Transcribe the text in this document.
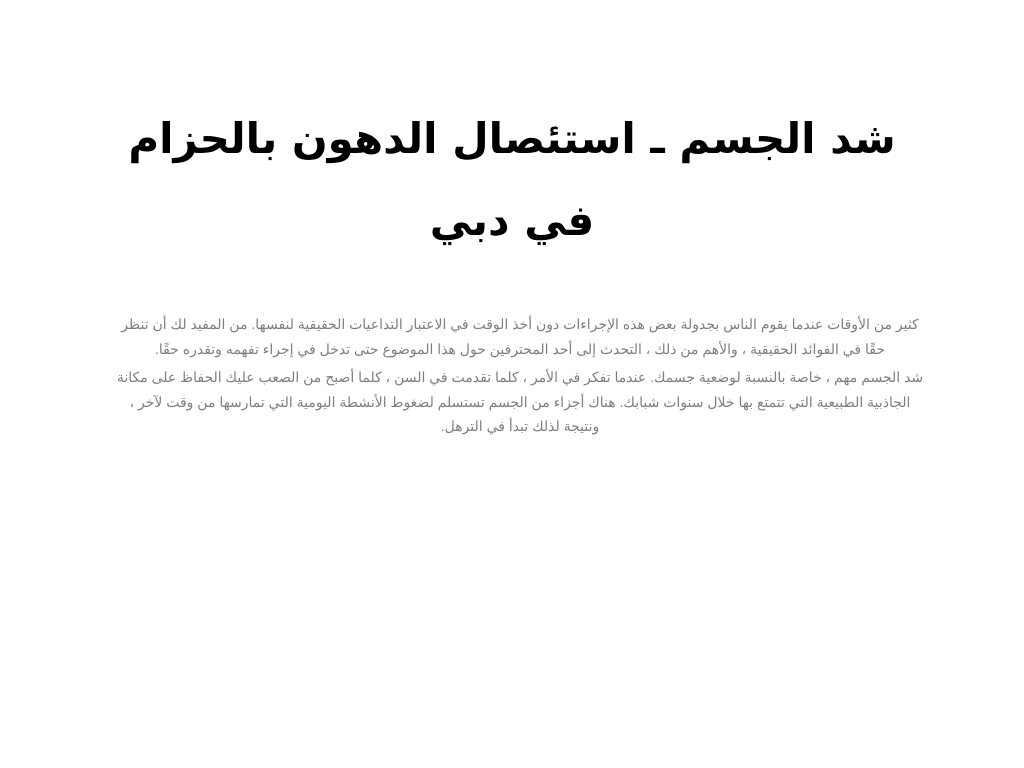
شد الجسم ـ استئصال الدهون بالحزام في دبي

كثير من الأوقات عندما يقوم الناس بجدولة بعض هذه الإجراءات دون أخذ الوقت في الاعتبار التداعيات الحقيقية لنفسها. من المفيد لك أن تنظر حقًا في الفوائد الحقيقية ، والأهم من ذلك ، التحدث إلى أحد المحترفين حول هذا الموضوع حتى تدخل في إجراء تفهمه وتقدره حقًا.

شد الجسم مهم ، خاصة بالنسبة لوضعية جسمك. عندما تفكر في الأمر ، كلما تقدمت في السن ، كلما أصبح من الصعب عليك الحفاظ على مكانة الجاذبية الطبيعية التي تتمتع بها خلال سنوات شبابك. هناك أجزاء من الجسم تستسلم لضغوط الأنشطة اليومية التي تمارسها من وقت لآخر ، ونتيجة لذلك تبدأ في الترهل.
